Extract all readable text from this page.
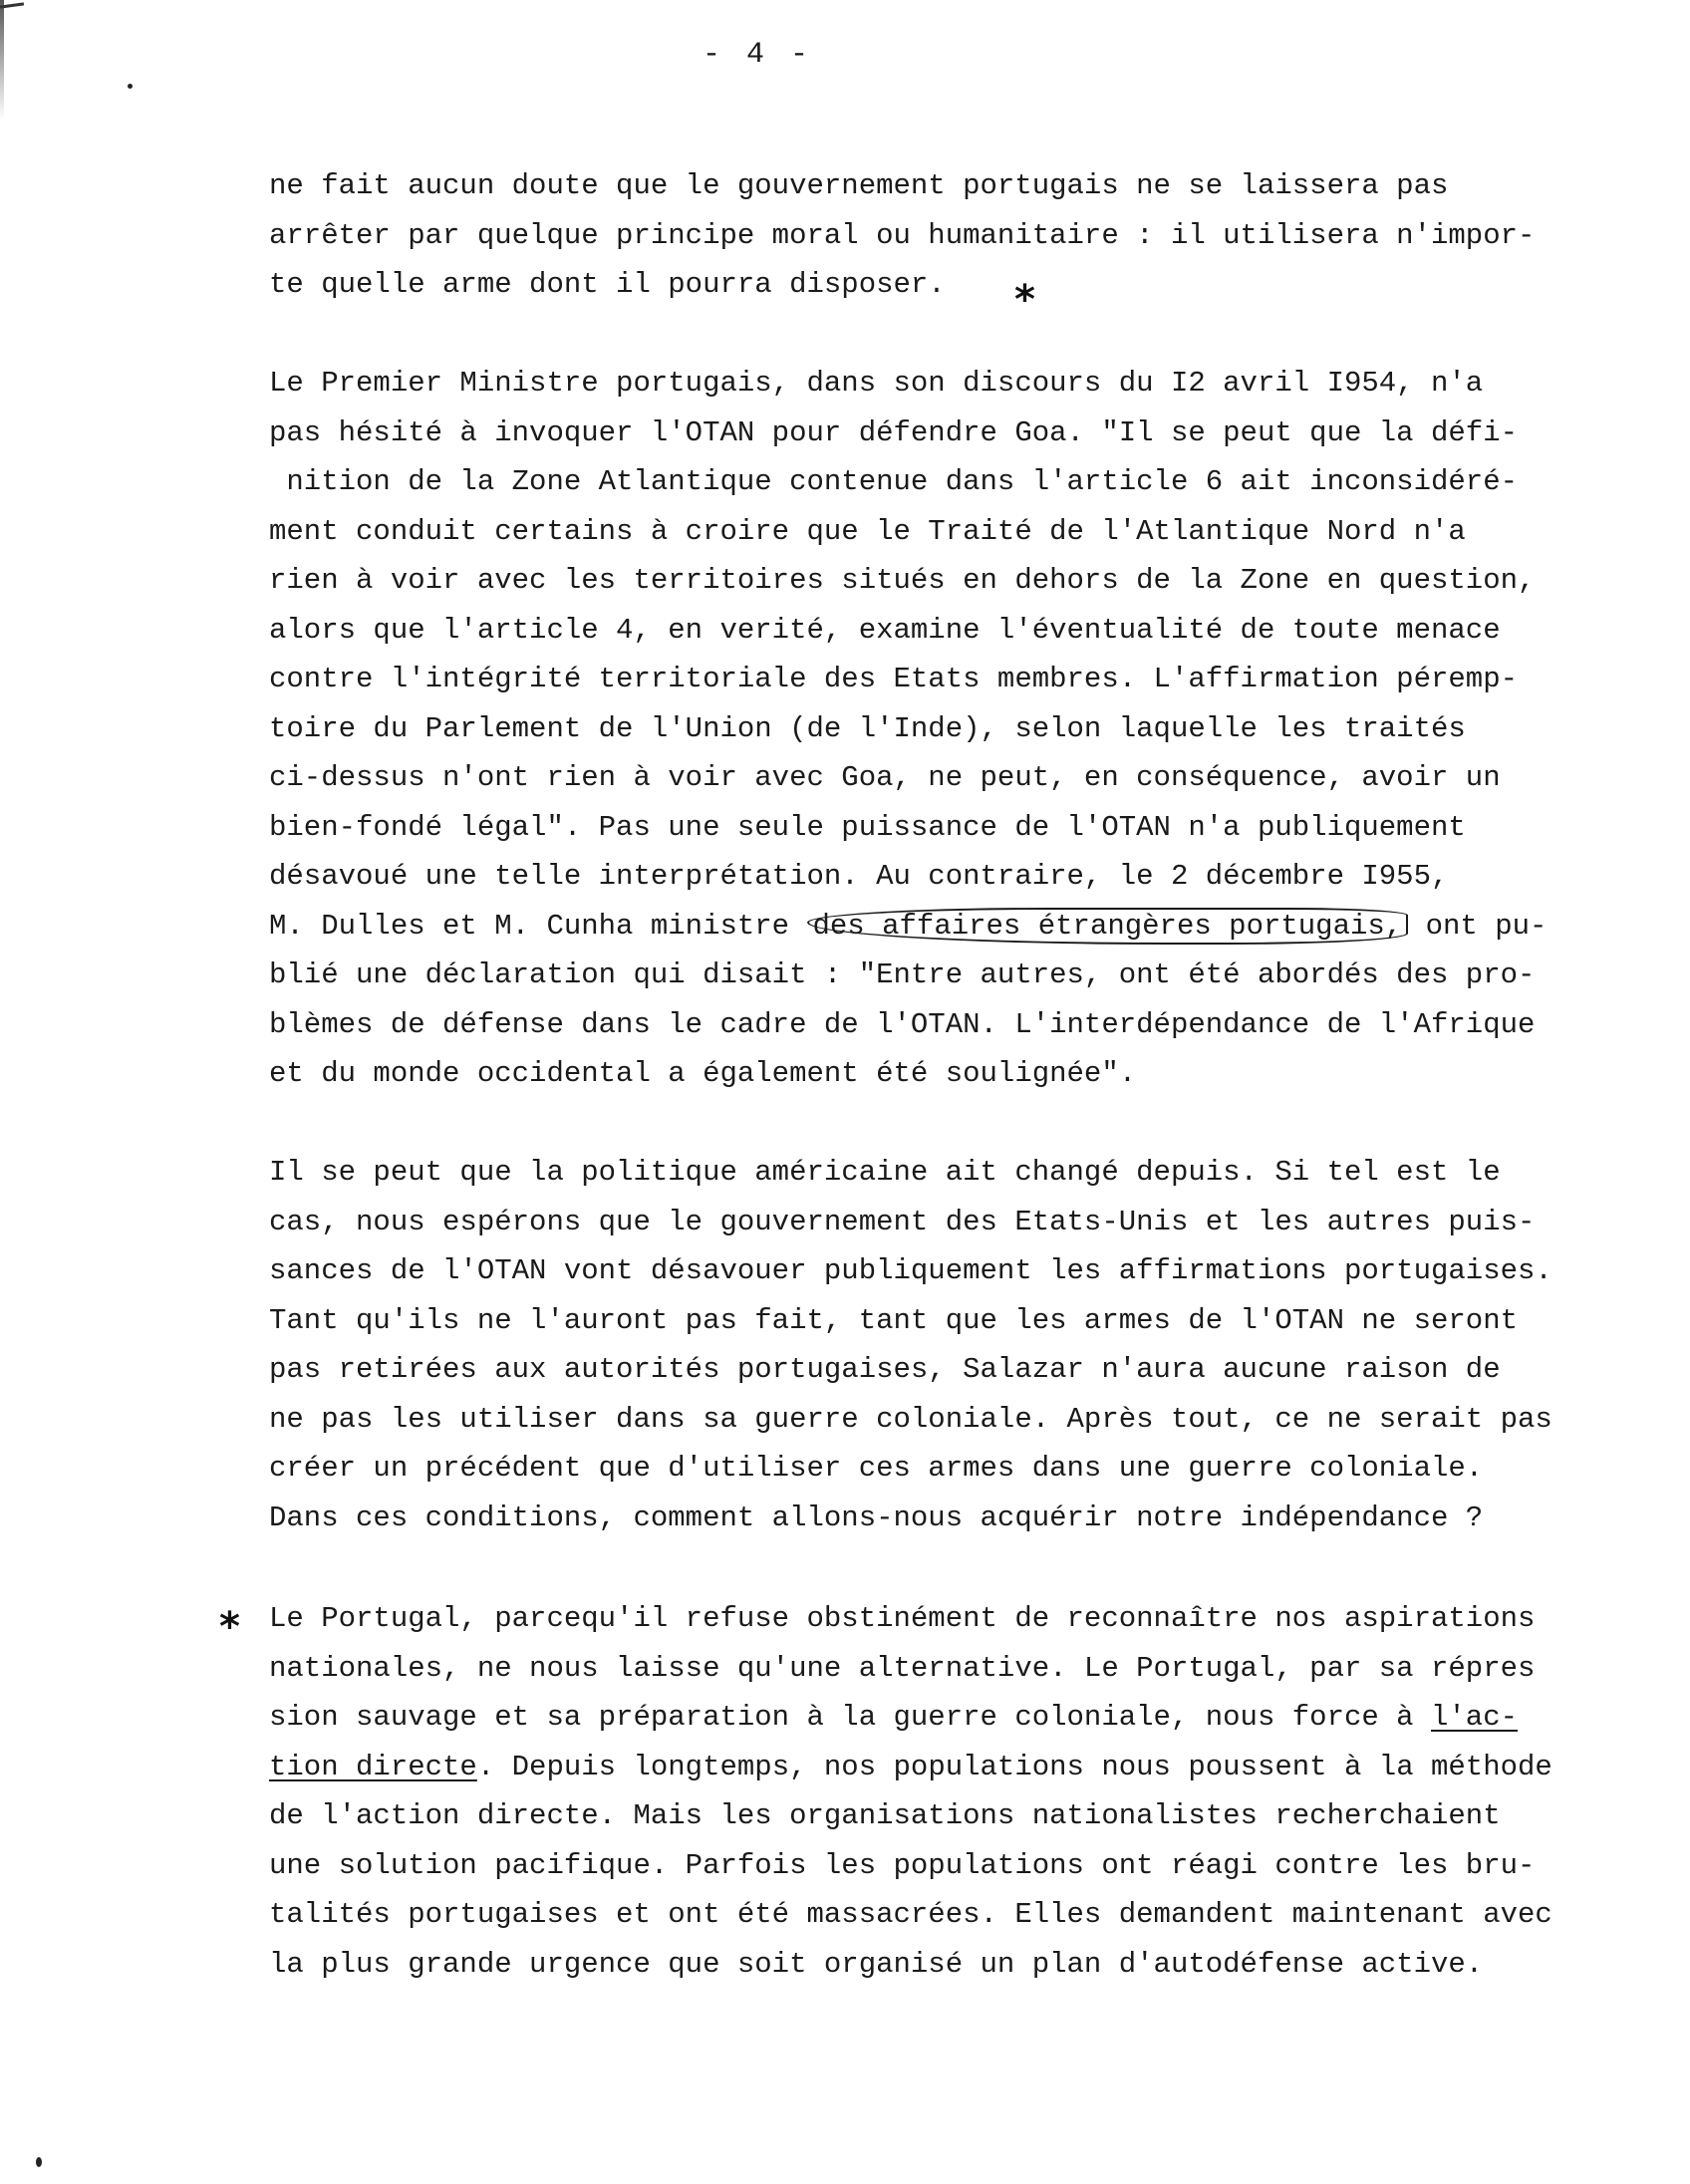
- 4 -
ne fait aucun doute que le gouvernement portugais ne se laissera pas
arrêter par quelque principe moral ou humanitaire : il utilisera n'impor-
te quelle arme dont il pourra disposer.	*
Le Premier Ministre portugais, dans son discours du I2 avril I954, n'a
pas hésité à invoquer l'OTAN pour défendre Goa. "Il se peut que la défi-
nition de la Zone Atlantique contenue dans l'article 6 ait inconsidéré-
ment conduit certains à croire que le Traité de l'Atlantique Nord n'a
rien à voir avec les territoires situés en dehors de la Zone en question,
alors que l'article 4, en verité, examine l'éventualité de toute menace
contre l'intégrité territoriale des Etats membres. L'affirmation péremp-
toire du Parlement de l'Union (de l'Inde), selon laquelle les traités
ci-dessus n'ont rien à voir avec Goa, ne peut, en conséquence, avoir un
bien-fondé légal". Pas une seule puissance de l'OTAN n'a publiquement
désavoué une telle interprétation. Au contraire, le 2 décembre I955,
M. Dulles et M. Cunha ministre des affaires étrangères portugais, ont pu-
blié une déclaration qui disait : "Entre autres, ont été abordés des pro-
blèmes de défense dans le cadre de l'OTAN. L'interdépendance de l'Afrique
et du monde occidental a également été soulignée".
Il se peut que la politique américaine ait changé depuis. Si tel est le
cas, nous espérons que le gouvernement des Etats-Unis et les autres puis-
sances de l'OTAN vont désavouer publiquement les affirmations portugaises.
Tant qu'ils ne l'auront pas fait, tant que les armes de l'OTAN ne seront
pas retirées aux autorités portugaises, Salazar n'aura aucune raison de
ne pas les utiliser dans sa guerre coloniale. Après tout, ce ne serait pas
créer un précédent que d'utiliser ces armes dans une guerre coloniale.
Dans ces conditions, comment allons-nous acquérir notre indépendance ?
* Le Portugal, parcequ'il refuse obstinément de reconnaître nos aspirations
nationales, ne nous laisse qu'une alternative. Le Portugal, par sa répres
sion sauvage et sa préparation à la guerre coloniale, nous force à l'ac-
tion directe. Depuis longtemps, nos populations nous poussent à la méthode
de l'action directe. Mais les organisations nationalistes recherchaient
une solution pacifique. Parfois les populations ont réagi contre les bru-
talités portugaises et ont été massacrées. Elles demandent maintenant avec
la plus grande urgence que soit organisé un plan d'autodéfense active.
